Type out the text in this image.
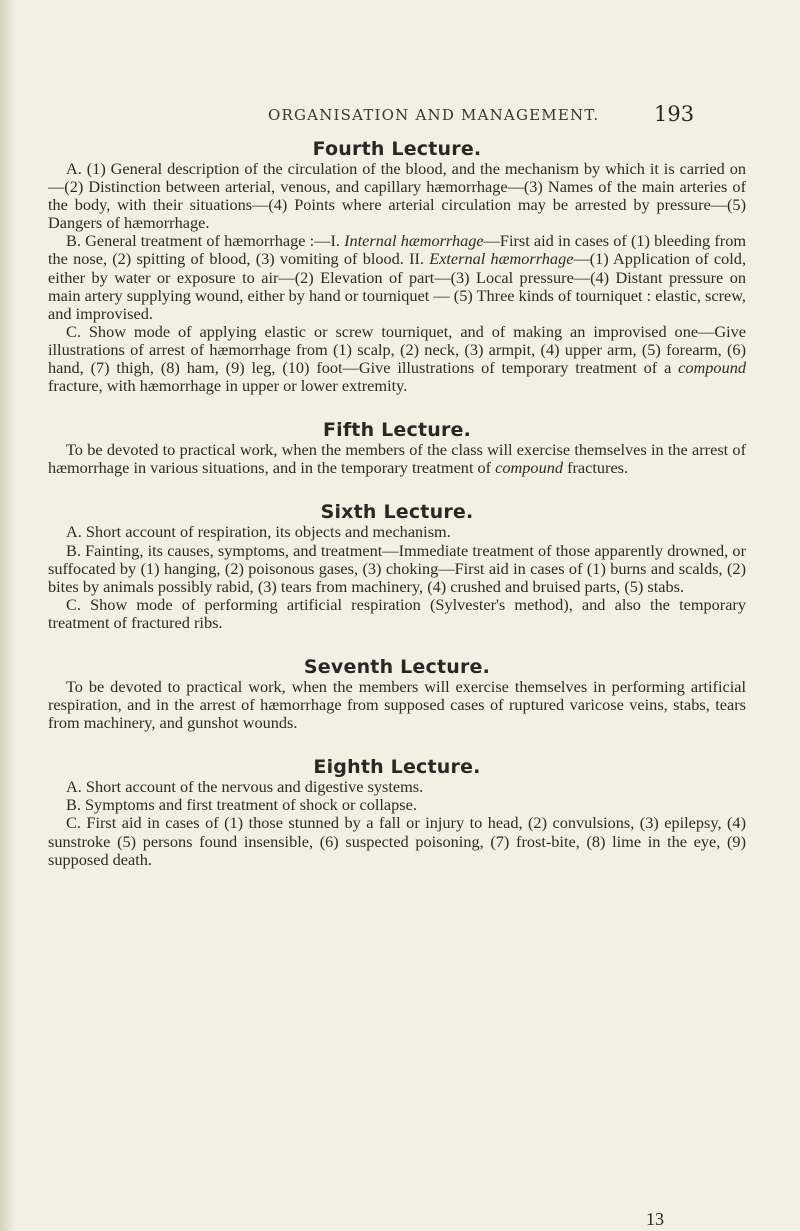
ORGANISATION AND MANAGEMENT.	193
Fourth Lecture.

A. (1) General description of the circulation of the blood, and the mechanism by which it is carried on—(2) Distinction between arterial, venous, and capillary hæmorrhage—(3) Names of the main arteries of the body, with their situations—(4) Points where arterial circulation may be arrested by pressure—(5) Dangers of hæmorrhage.

B. General treatment of hæmorrhage :—I. Internal hæmorrhage—First aid in cases of (1) bleeding from the nose, (2) spitting of blood, (3) vomiting of blood. II. External hæmorrhage—(1) Application of cold, either by water or exposure to air—(2) Elevation of part—(3) Local pressure—(4) Distant pressure on main artery supplying wound, either by hand or tourniquet — (5) Three kinds of tourniquet : elastic, screw, and improvised.

C. Show mode of applying elastic or screw tourniquet, and of making an improvised one—Give illustrations of arrest of hæmorrhage from (1) scalp, (2) neck, (3) armpit, (4) upper arm, (5) forearm, (6) hand, (7) thigh, (8) ham, (9) leg, (10) foot—Give illustrations of temporary treatment of a compound fracture, with hæmorrhage in upper or lower extremity.

Fifth Lecture.

To be devoted to practical work, when the members of the class will exercise themselves in the arrest of hæmorrhage in various situations, and in the temporary treatment of compound fractures.

Sixth Lecture.

A. Short account of respiration, its objects and mechanism.

B. Fainting, its causes, symptoms, and treatment—Immediate treatment of those apparently drowned, or suffocated by (1) hanging, (2) poisonous gases, (3) choking—First aid in cases of (1) burns and scalds, (2) bites by animals possibly rabid, (3) tears from machinery, (4) crushed and bruised parts, (5) stabs.

C. Show mode of performing artificial respiration (Sylvester's method), and also the temporary treatment of fractured ribs.

Seventh Lecture.

To be devoted to practical work, when the members will exercise themselves in performing artificial respiration, and in the arrest of hæmorrhage from supposed cases of ruptured varicose veins, stabs, tears from machinery, and gunshot wounds.

Eighth Lecture.

A. Short account of the nervous and digestive systems.

B. Symptoms and first treatment of shock or collapse.

C. First aid in cases of (1) those stunned by a fall or injury to head, (2) convulsions, (3) epilepsy, (4) sunstroke (5) persons found insensible, (6) suspected poisoning, (7) frost-bite, (8) lime in the eye, (9) supposed death.

13
